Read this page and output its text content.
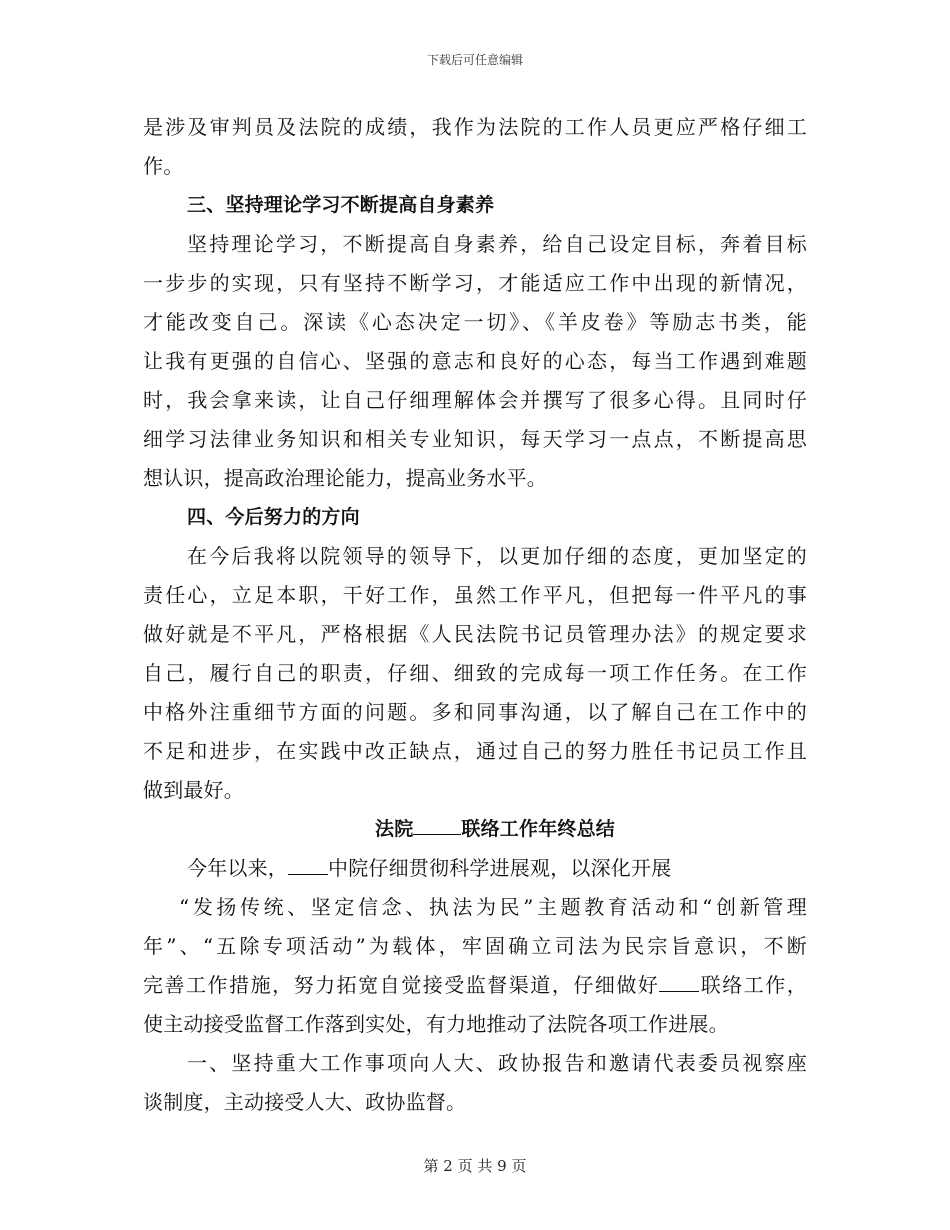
下载后可任意编辑
是涉及审判员及法院的成绩，我作为法院的工作人员更应严格仔细工
作。
三、坚持理论学习不断提高自身素养
坚持理论学习，不断提高自身素养，给自己设定目标，奔着目标
一步步的实现，只有坚持不断学习，才能适应工作中出现的新情况，
才能改变自己。深读《心态决定一切》、《羊皮卷》等励志书类，能
让我有更强的自信心、坚强的意志和良好的心态，每当工作遇到难题
时，我会拿来读，让自己仔细理解体会并撰写了很多心得。且同时仔
细学习法律业务知识和相关专业知识，每天学习一点点，不断提高思
想认识，提高政治理论能力，提高业务水平。
四、今后努力的方向
在今后我将以院领导的领导下，以更加仔细的态度，更加坚定的
责任心，立足本职，干好工作，虽然工作平凡，但把每一件平凡的事
做好就是不平凡，严格根据《人民法院书记员管理办法》的规定要求
自己，履行自己的职责，仔细、细致的完成每一项工作任务。在工作
中格外注重细节方面的问题。多和同事沟通，以了解自己在工作中的
不足和进步，在实践中改正缺点，通过自己的努力胜任书记员工作且
做到最好。
法院	联络工作年终总结
今年以来， 中院仔细贯彻科学进展观，以深化开展
“发扬传统、坚定信念、执法为民”主题教育活动和“创新管理
年”、“五除专项活动”为载体，牢固确立司法为民宗旨意识，不断
完善工作措施，努力拓宽自觉接受监督渠道，仔细做好 联络工作，
使主动接受监督工作落到实处，有力地推动了法院各项工作进展。
一、坚持重大工作事项向人大、政协报告和邀请代表委员视察座
谈制度，主动接受人大、政协监督。
第 2 页 共 9 页
